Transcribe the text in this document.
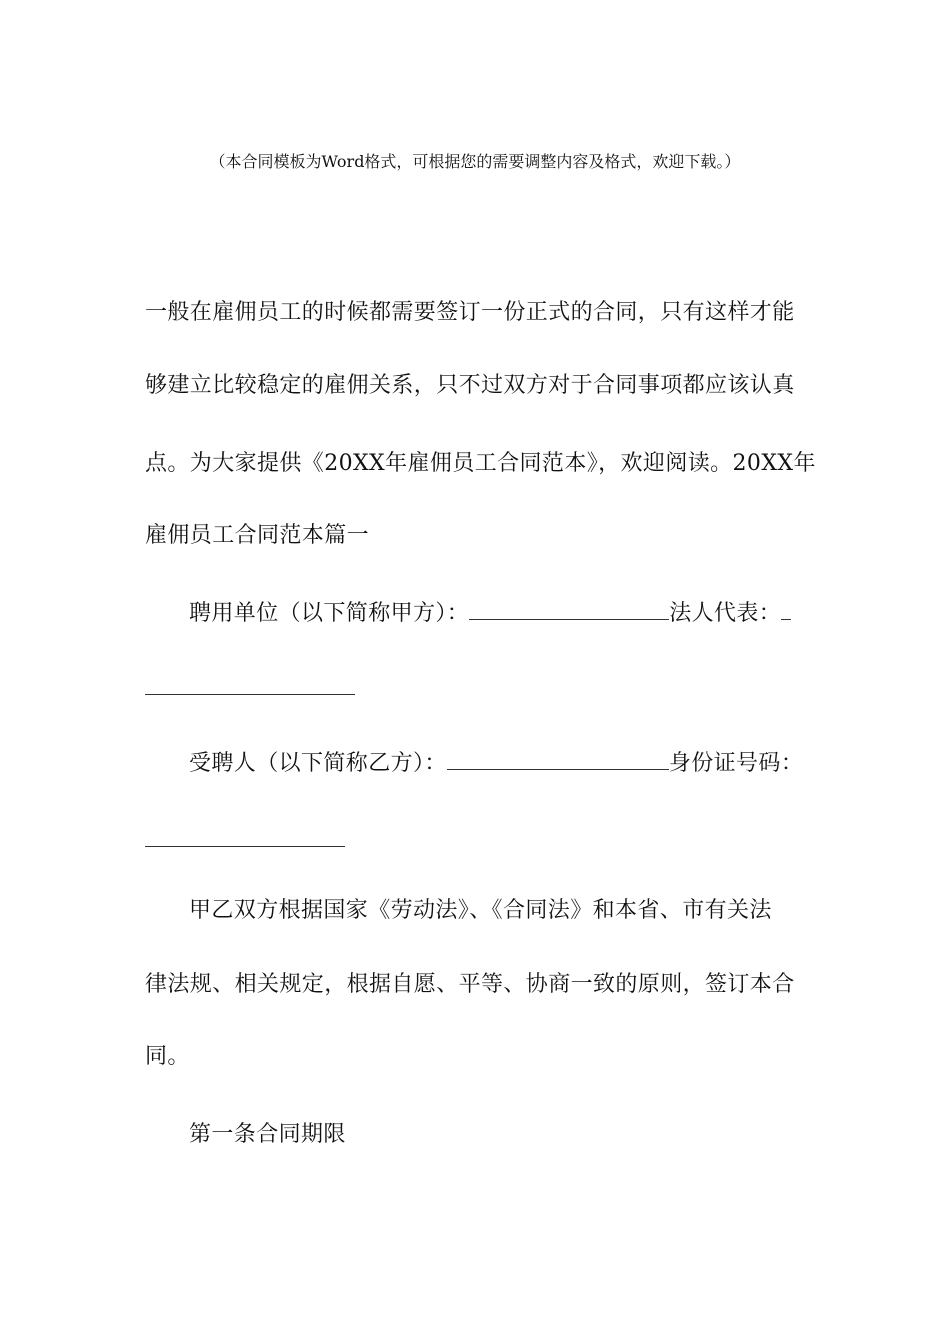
（本合同模板为Word格式，可根据您的需要调整内容及格式，欢迎下载。）
一般在雇佣员工的时候都需要签订一份正式的合同，只有这样才能
够建立比较稳定的雇佣关系，只不过双方对于合同事项都应该认真
点。为大家提供《20XX年雇佣员工合同范本》，欢迎阅读。20XX年
雇佣员工合同范本篇一
聘用单位（以下简称甲方）：	法人代表：
受聘人（以下简称乙方）：	身份证号码：
甲乙双方根据国家《劳动法》、《合同法》和本省、市有关法
律法规、相关规定，根据自愿、平等、协商一致的原则，签订本合
同。
第一条合同期限
